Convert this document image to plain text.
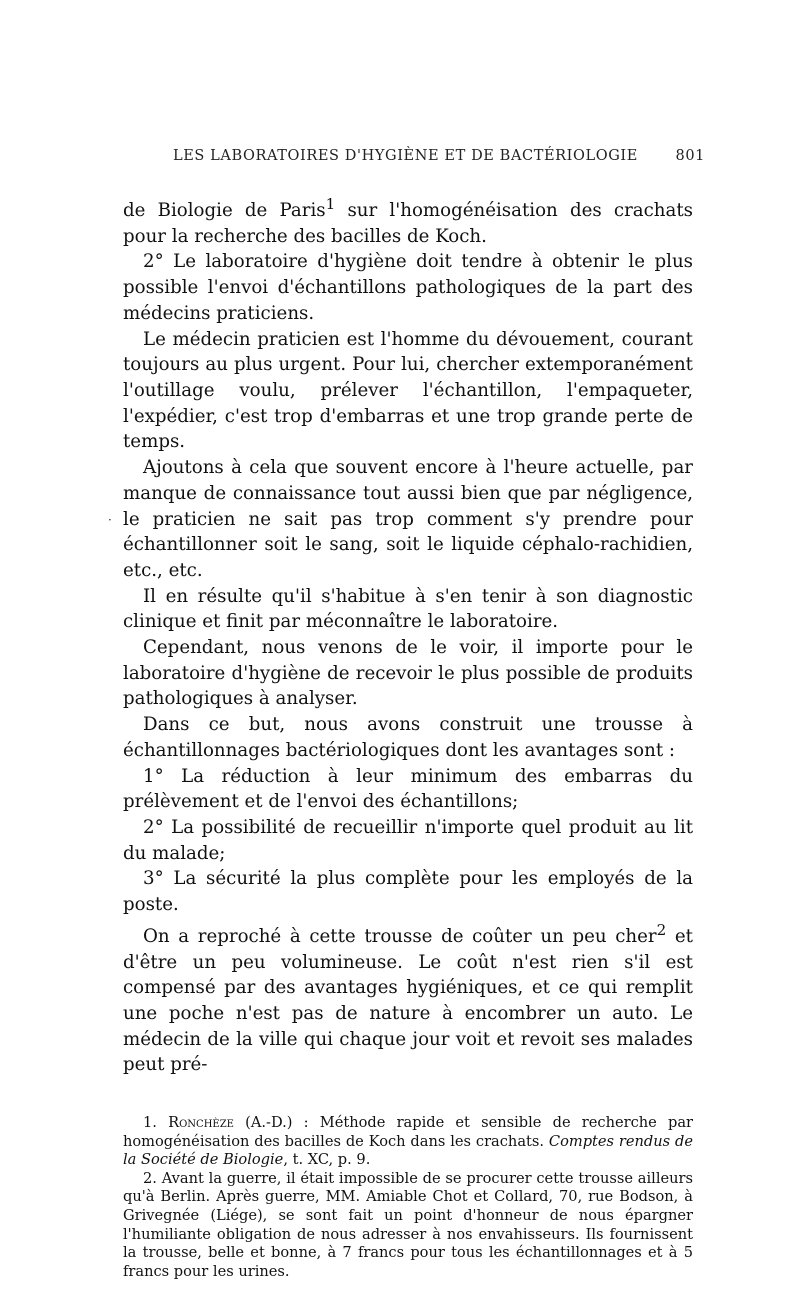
LES LABORATOIRES D'HYGIÈNE ET DE BACTÉRIOLOGIE	801

de Biologie de Paris$^1$ sur l'homogénéisation des crachats pour la recherche des bacilles de Koch.

2° Le laboratoire d'hygiène doit tendre à obtenir le plus possible l'envoi d'échantillons pathologiques de la part des médecins praticiens.

Le médecin praticien est l'homme du dévouement, courant toujours au plus urgent. Pour lui, chercher extemporanément l'outillage voulu, prélever l'échantillon, l'empaqueter, l'expédier, c'est trop d'embarras et une trop grande perte de temps.

Ajoutons à cela que souvent encore à l'heure actuelle, par manque de connaissance tout aussi bien que par négligence, le praticien ne sait pas trop comment s'y prendre pour échantillonner soit le sang, soit le liquide céphalo-rachidien, etc., etc.

Il en résulte qu'il s'habitue à s'en tenir à son diagnostic clinique et finit par méconnaître le laboratoire.

Cependant, nous venons de le voir, il importe pour le laboratoire d'hygiène de recevoir le plus possible de produits pathologiques à analyser.

Dans ce but, nous avons construit une trousse à échantillonnages bactériologiques dont les avantages sont :

1° La réduction à leur minimum des embarras du prélèvement et de l'envoi des échantillons;

2° La possibilité de recueillir n'importe quel produit au lit du malade;

3° La sécurité la plus complète pour les employés de la poste.

On a reproché à cette trousse de coûter un peu cher$^2$ et d'être un peu volumineuse. Le coût n'est rien s'il est compensé par des avantages hygiéniques, et ce qui remplit une poche n'est pas de nature à encombrer un auto. Le médecin de la ville qui chaque jour voit et revoit ses malades peut pré-

1. Ronchèze (A.-D.) : Méthode rapide et sensible de recherche par homogénéisation des bacilles de Koch dans les crachats. Comptes rendus de la Société de Biologie, t. XC, p. 9.

2. Avant la guerre, il était impossible de se procurer cette trousse ailleurs qu'à Berlin. Après guerre, MM. Amiable Chot et Collard, 70, rue Bodson, à Grivegnée (Liége), se sont fait un point d'honneur de nous épargner l'humiliante obligation de nous adresser à nos envahisseurs. Ils fournissent la trousse, belle et bonne, à 7 francs pour tous les échantillonnages et à 5 francs pour les urines.

·
